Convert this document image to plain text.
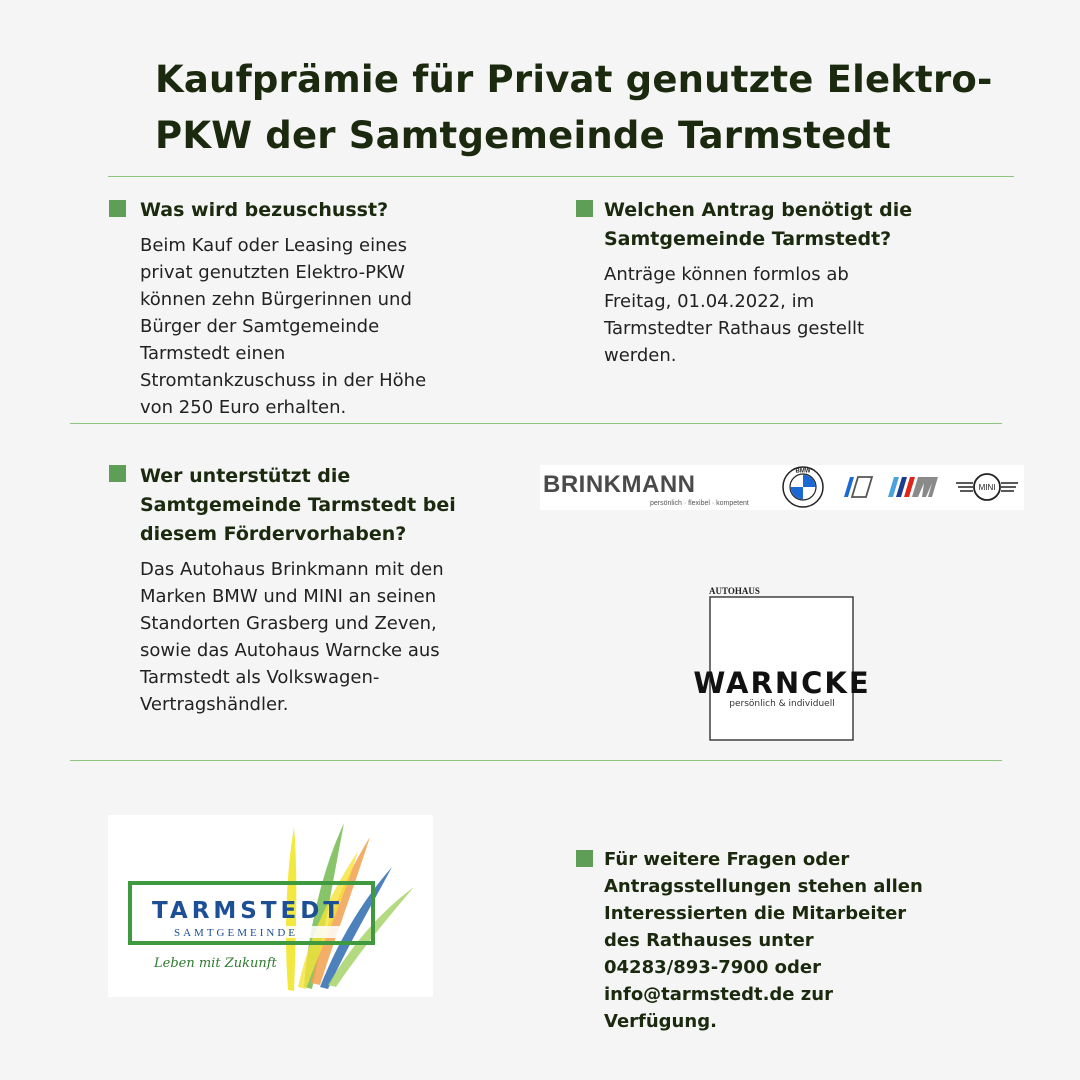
Kaufprämie für Privat genutzte Elektro-
PKW der Samtgemeinde Tarmstedt
Was wird bezuschusst?
Beim Kauf oder Leasing eines
privat genutzten Elektro-PKW
können zehn Bürgerinnen und
Bürger der Samtgemeinde
Tarmstedt einen
Stromtankzuschuss in der Höhe
von 250 Euro erhalten.
Welchen Antrag benötigt die
Samtgemeinde Tarmstedt?
Anträge können formlos ab
Freitag, 01.04.2022, im
Tarmstedter Rathaus gestellt
werden.
Wer unterstützt die
Samtgemeinde Tarmstedt bei
diesem Fördervorhaben?
Das Autohaus Brinkmann mit den
Marken BMW und MINI an seinen
Standorten Grasberg und Zeven,
sowie das Autohaus Warncke aus
Tarmstedt als Volkswagen-
Vertragshändler.
Für weitere Fragen oder
Antragsstellungen stehen allen
Interessierten die Mitarbeiter
des Rathauses unter
04283/893-7900 oder
info@tarmstedt.de zur
Verfügung.
BRINKMANN
persönlich · flexibel · kompetent
BMW
MINI
AUTOHAUS
WARNCKE
persönlich & individuell
TARMSTEDT
SAMTGEMEINDE
Leben mit Zukunft
